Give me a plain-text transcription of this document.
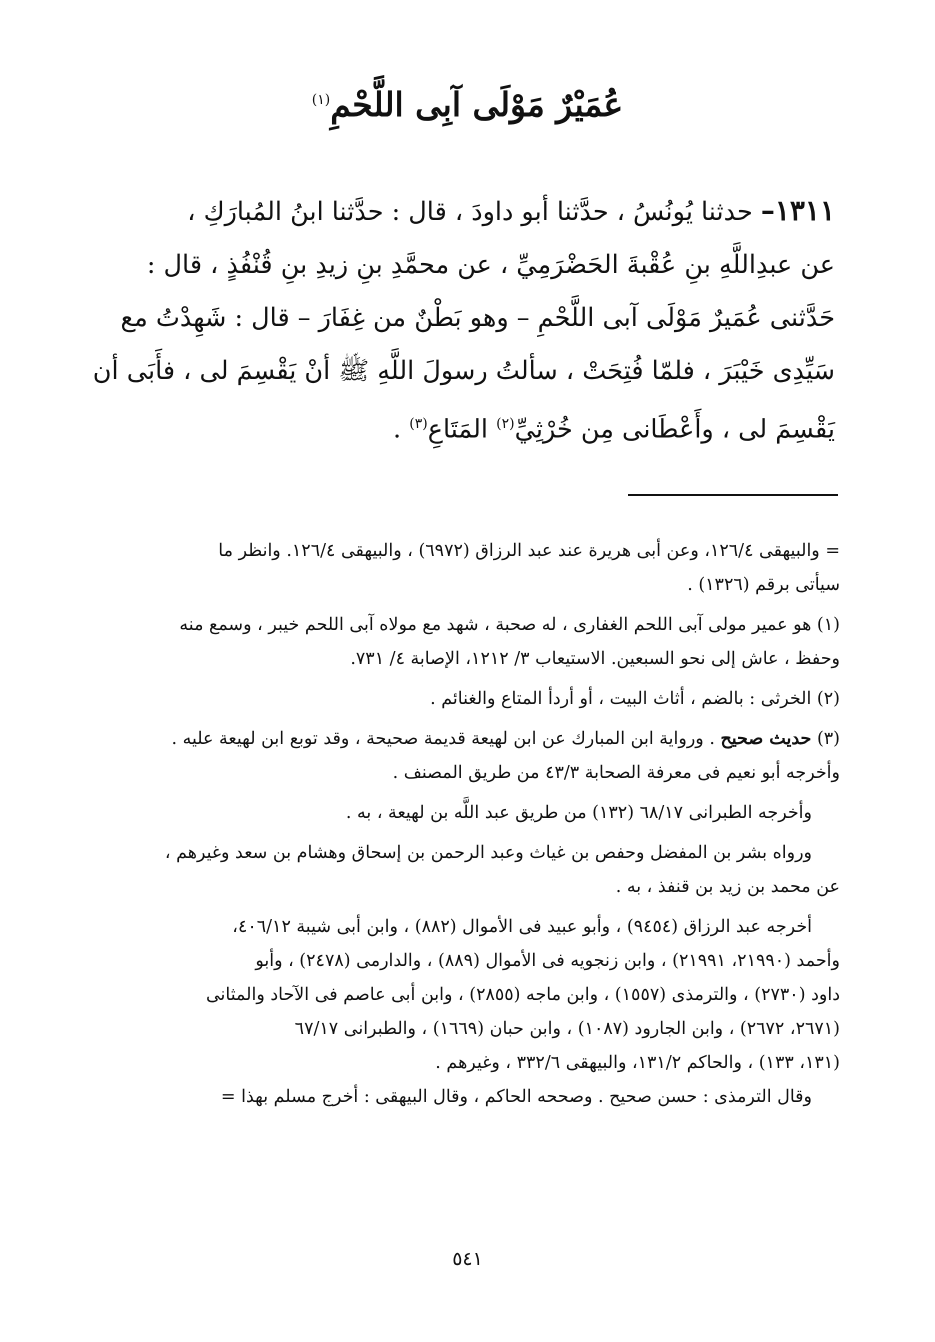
عُمَيْرٌ مَوْلَى آبِى اللَّحْمِ$^{(١)}$
١٣١١– حدثنا يُونُسُ ، حدَّثنا أبو داودَ ، قال : حدَّثنا ابنُ المُبارَكِ ،
عن عبدِاللَّهِ بنِ عُقْبةَ الحَضْرَمِيِّ ، عن محمَّدِ بنِ زيدِ بنِ قُنْفُذٍ ، قال :
حَدَّثنى عُمَيرٌ مَوْلَى آبى اللَّحْمِ – وهو بَطْنٌ من غِفَارَ – قال : شَهِدْتُ مع
سَيِّدِى خَيْبَرَ ، فلمّا فُتِحَتْ ، سألتُ رسولَ اللَّهِ ﷺ أنْ يَقْسِمَ لى ، فأَبَى أن
يَقْسِمَ لى ، وأَعْطَانى مِن خُرْثِيِّ$^{(٢)}$ المَتَاعِ$^{(٣)}$ .
= والبيهقى ١٢٦/٤، وعن أبى هريرة عند عبد الرزاق (٦٩٧٢) ، والبيهقى ١٢٦/٤. وانظر ما
سيأتى برقم (١٣٢٦) .
(١) هو عمير مولى آبى اللحم الغفارى ، له صحبة ، شهد مع مولاه آبى اللحم خيبر ، وسمع منه
وحفظ ، عاش إلى نحو السبعين. الاستيعاب ٣/ ١٢١٢، الإصابة ٤/ ٧٣١.
(٢) الخرثى : بالضم ، أثاث البيت ، أو أردأ المتاع والغنائم .
(٣) حديث صحيح . ورواية ابن المبارك عن ابن لهيعة قديمة صحيحة ، وقد توبع ابن لهيعة عليه .
وأخرجه أبو نعيم فى معرفة الصحابة ٤٣/٣ من طريق المصنف .
وأخرجه الطبرانى ٦٨/١٧ (١٣٢) من طريق عبد اللَّه بن لهيعة ، به .
ورواه بشر بن المفضل وحفص بن غياث وعبد الرحمن بن إسحاق وهشام بن سعد وغيرهم ،
عن محمد بن زيد بن قنفذ ، به .
أخرجه عبد الرزاق (٩٤٥٤) ، وأبو عبيد فى الأموال (٨٨٢) ، وابن أبى شيبة ٤٠٦/١٢،
وأحمد (٢١٩٩٠، ٢١٩٩١) ، وابن زنجويه فى الأموال (٨٨٩) ، والدارمى (٢٤٧٨) ، وأبو
داود (٢٧٣٠) ، والترمذى (١٥٥٧) ، وابن ماجه (٢٨٥٥) ، وابن أبى عاصم فى الآحاد والمثانى
(٢٦٧١، ٢٦٧٢) ، وابن الجارود (١٠٨٧) ، وابن حبان (١٦٦٩) ، والطبرانى ٦٧/١٧
(١٣١، ١٣٣) ، والحاكم ١٣١/٢، والبيهقى ٣٣٢/٦ ، وغيرهم .
وقال الترمذى : حسن صحيح . وصححه الحاكم ، وقال البيهقى : أخرج مسلم بهذا =
٥٤١
